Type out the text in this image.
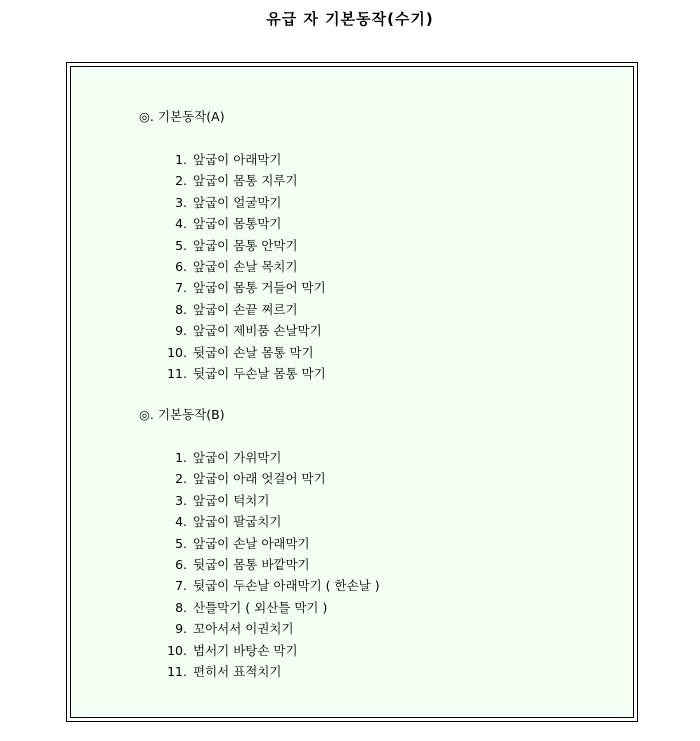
유급 자 기본동작(수기)
◎. 기본동작(A)
1. 앞굽이 아래막기
2. 앞굽이 몸통 지루기
3. 앞굽이 얼굴막기
4. 앞굽이 몸통막기
5. 앞굽이 몸통 안막기
6. 앞굽이 손날 목치기
7. 앞굽이 몸통 거들어 막기
8. 앞굽이 손끝 찌르기
9. 앞굽이 제비품 손날막기
10. 뒷굽이 손날 몸통 막기
11. 뒷굽이 두손날 몸통 막기
◎. 기본동작(B)
1. 앞굽이 가위막기
2. 앞굽이 아래 엇걸어 막기
3. 앞굽이 턱치기
4. 앞굽이 팔굽치기
5. 앞굽이 손날 아래막기
6. 뒷굽이 몸통 바깥막기
7. 뒷굽이 두손날 아래막기 ( 한손날 )
8. 산틀막기 ( 외산틀 막기 )
9. 꼬아서서 이권치기
10. 범서기 바탕손 막기
11. 편히서 표적치기
